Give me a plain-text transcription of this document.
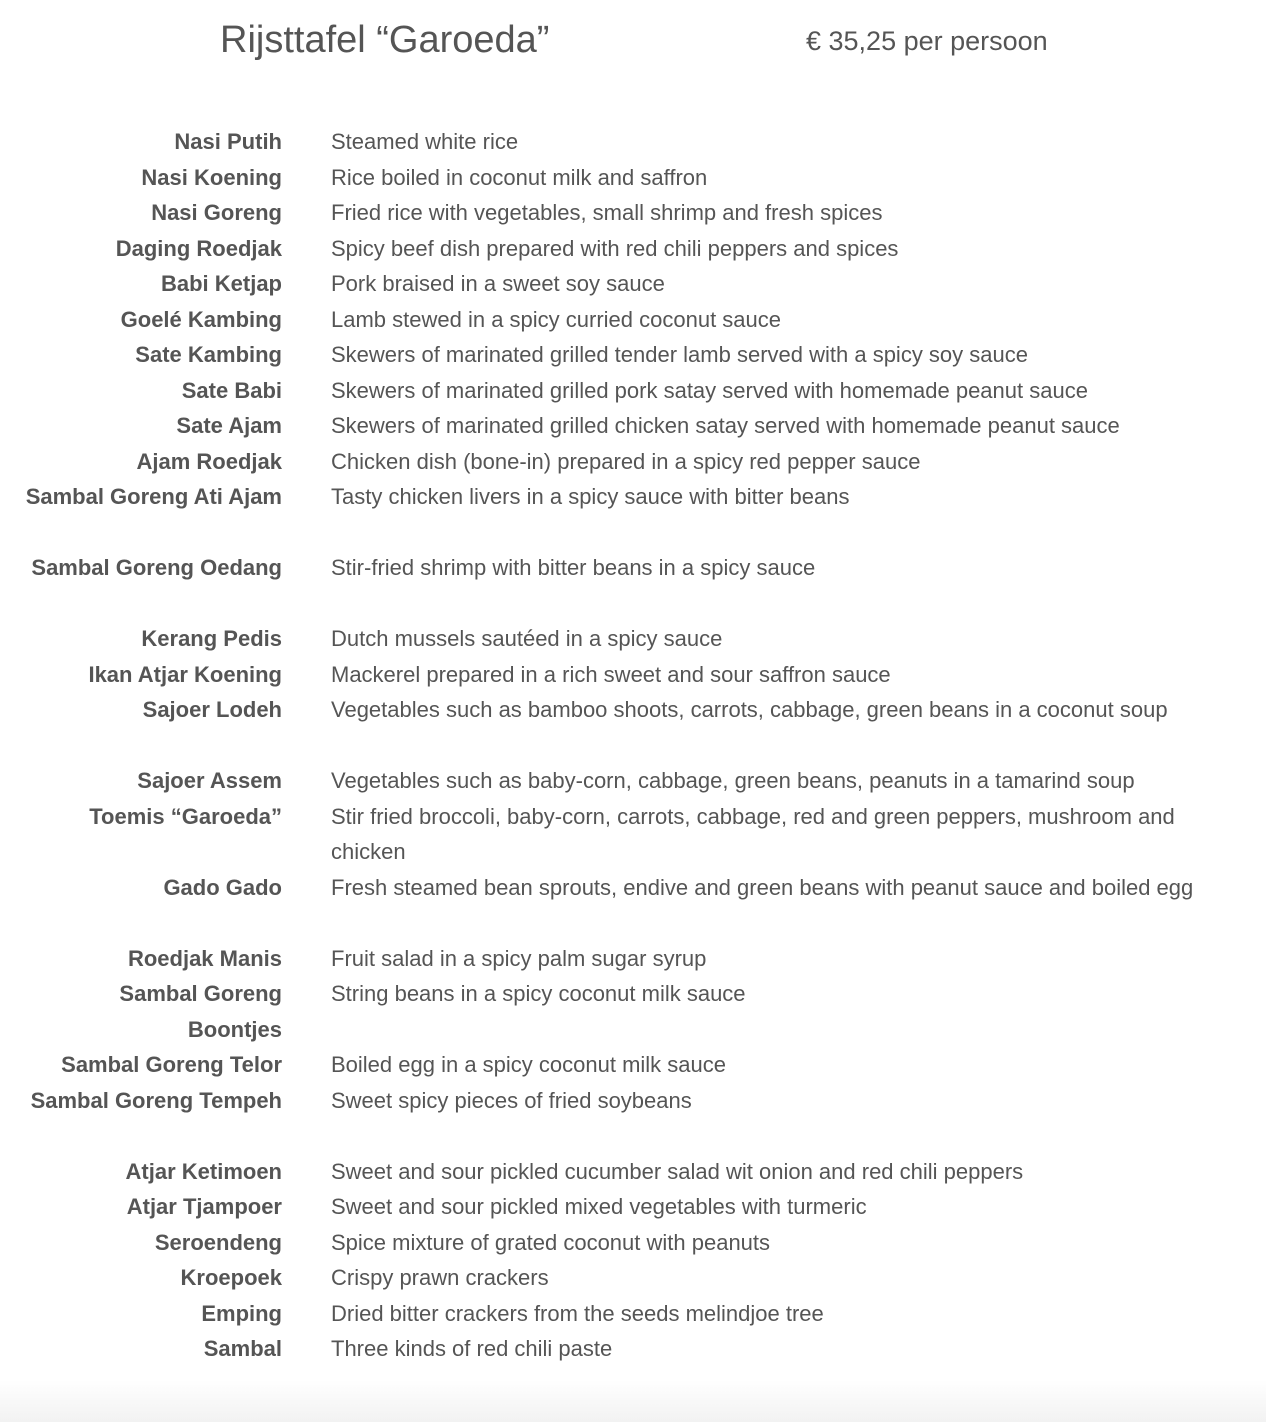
Rijsttafel “Garoeda”	€ 35,25 per persoon
Nasi Putih Steamed white rice
Nasi Koening Rice boiled in coconut milk and saffron
Nasi Goreng Fried rice with vegetables, small shrimp and fresh spices
Daging Roedjak Spicy beef dish prepared with red chili peppers and spices
Babi Ketjap Pork braised in a sweet soy sauce
Goelé Kambing Lamb stewed in a spicy curried coconut sauce
Sate Kambing Skewers of marinated grilled tender lamb served with a spicy soy sauce
Sate Babi Skewers of marinated grilled pork satay served with homemade peanut sauce
Sate Ajam Skewers of marinated grilled chicken satay served with homemade peanut sauce
Ajam Roedjak Chicken dish (bone-in) prepared in a spicy red pepper sauce
Sambal Goreng Ati Ajam Tasty chicken livers in a spicy sauce with bitter beans
Sambal Goreng Oedang Stir-fried shrimp with bitter beans in a spicy sauce
Kerang Pedis Dutch mussels sautéed in a spicy sauce
Ikan Atjar Koening Mackerel prepared in a rich sweet and sour saffron sauce
Sajoer Lodeh Vegetables such as bamboo shoots, carrots, cabbage, green beans in a coconut soup
Sajoer Assem Vegetables such as baby-corn, cabbage, green beans, peanuts in a tamarind soup
Toemis “Garoeda” Stir fried broccoli, baby-corn, carrots, cabbage, red and green peppers, mushroom and chicken
Gado Gado Fresh steamed bean sprouts, endive and green beans with peanut sauce and boiled egg
Roedjak Manis Fruit salad in a spicy palm sugar syrup
Sambal Goreng Boontjes
String beans in a spicy coconut milk sauce
Sambal Goreng Telor Boiled egg in a spicy coconut milk sauce
Sambal Goreng Tempeh Sweet spicy pieces of fried soybeans
Atjar Ketimoen Sweet and sour pickled cucumber salad wit onion and red chili peppers
Atjar Tjampoer Sweet and sour pickled mixed vegetables with turmeric
Seroendeng Spice mixture of grated coconut with peanuts
Kroepoek Crispy prawn crackers
Emping Dried bitter crackers from the seeds melindjoe tree
Sambal Three kinds of red chili paste
